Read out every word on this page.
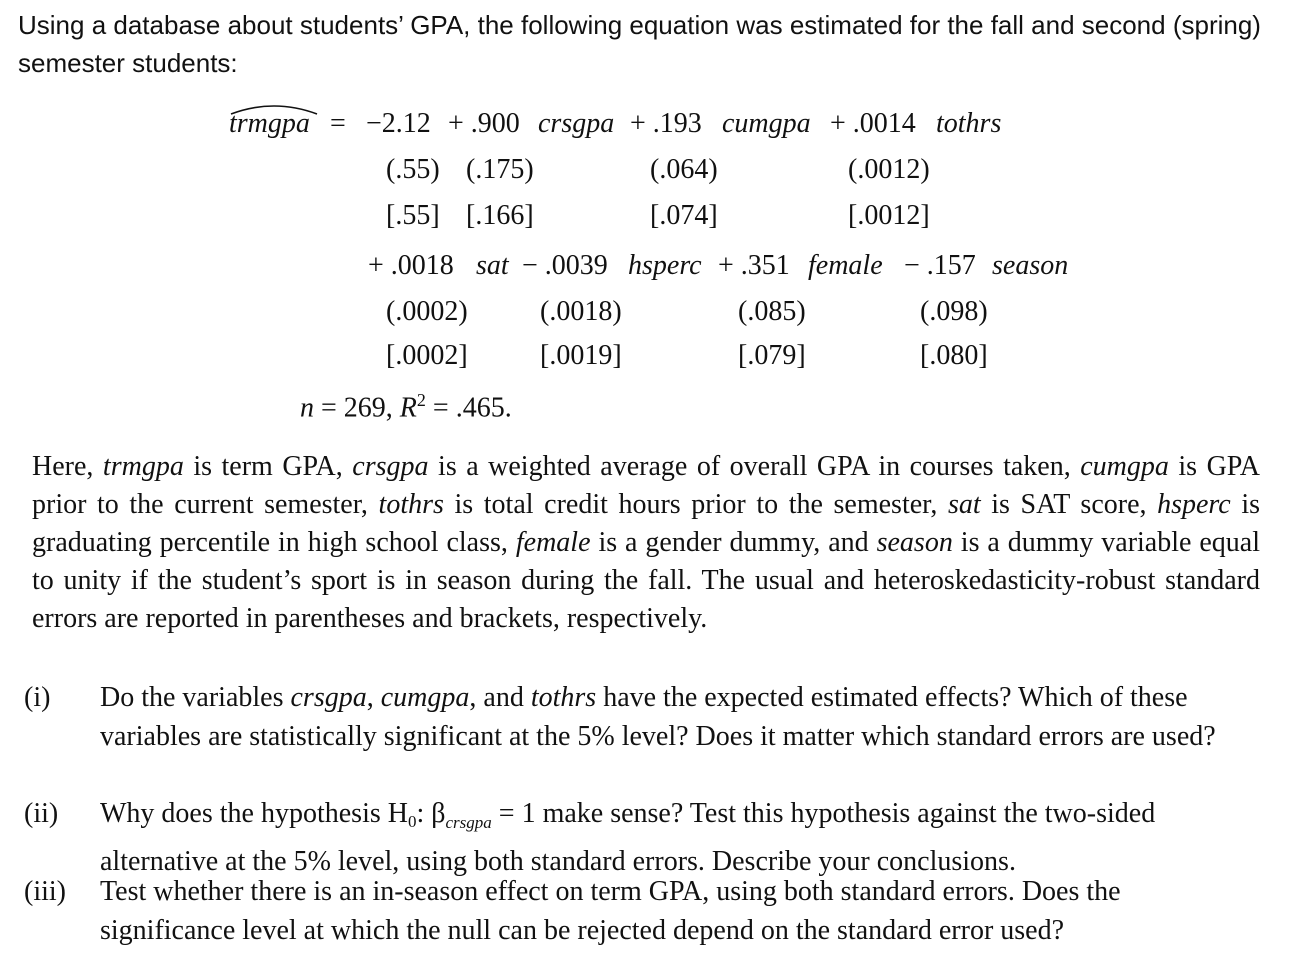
Using a database about students’ GPA, the following equation was estimated for the fall and second (spring) semester students:
trmgpa = −2.12 + .900 crsgpa + .193 cumgpa + .0014 tothrs
(.55) (.175)	(.064)	(.0012)
[.55] [.166]	[.074]	[.0012]
+ .0018 sat − .0039 hsperc + .351 female − .157 season
(.0002)	(.0018)	(.085)	(.098)
[.0002]	[.0019]	[.079]	[.080]
n = 269, $R^2 = .465$.
Here, trmgpa is term GPA, crsgpa is a weighted average of overall GPA in courses taken, cumgpa is GPA prior to the current semester, tothrs is total credit hours prior to the semester, sat is SAT score, hsperc is graduating percentile in high school class, female is a gender dummy, and season is a dummy variable equal to unity if the student’s sport is in season during the fall. The usual and heteroskedasticity-robust standard errors are reported in parentheses and brackets, respectively.
(i) Do the variables crsgpa, cumgpa, and tothrs have the expected estimated effects? Which of these variables are statistically significant at the 5% level? Does it matter which standard errors are used?
(ii) Why does the hypothesis $H_0$: $\beta_{crsgpa} = 1$ make sense? Test this hypothesis against the two-sided alternative at the 5% level, using both standard errors. Describe your conclusions.
(iii) Test whether there is an in-season effect on term GPA, using both standard errors. Does the significance level at which the null can be rejected depend on the standard error used?
